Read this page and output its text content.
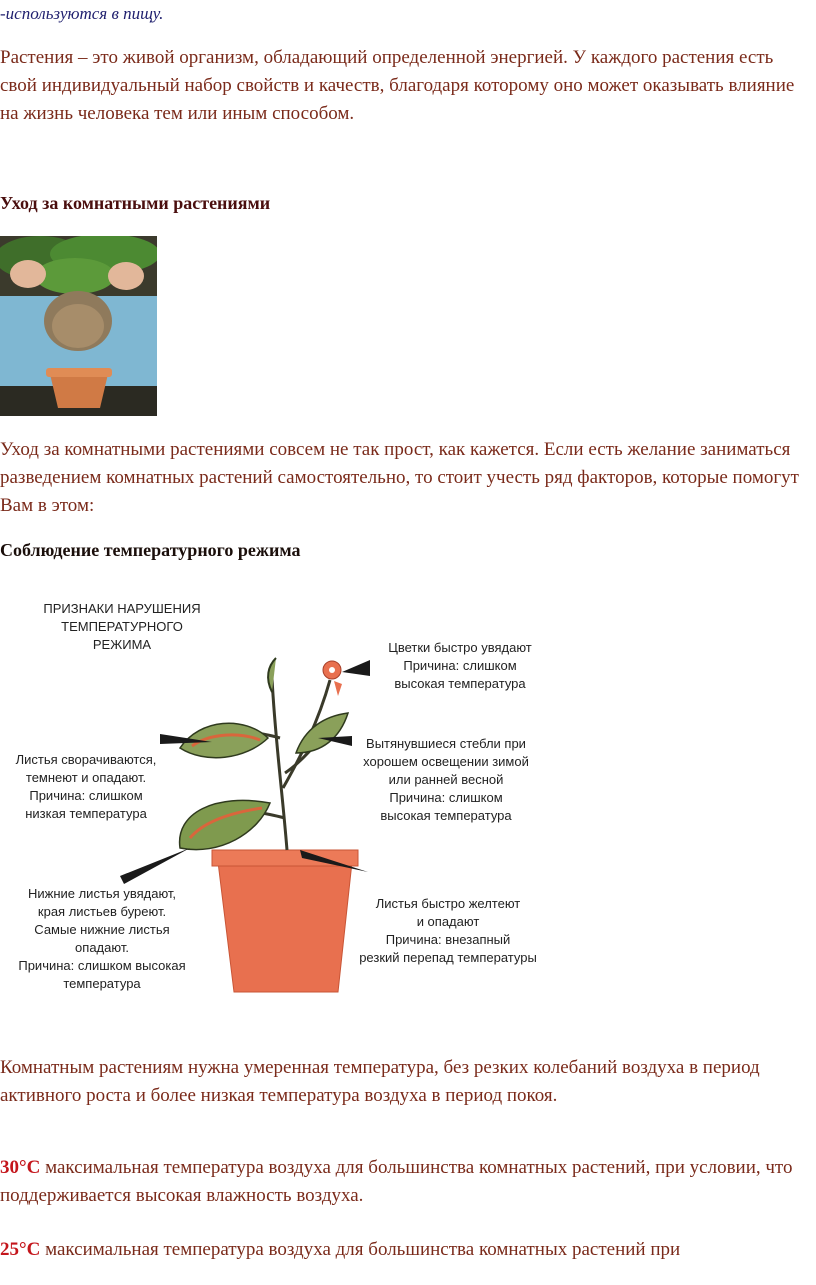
-используются в пищу.

Растения – это живой организм, обладающий определенной энергией. У каждого растения есть свой индивидуальный набор свойств и качеств, благодаря которому оно может оказывать влияние на жизнь человека тем или иным способом.

Уход за комнатными растениями

Уход за комнатными растениями совсем не так прост, как кажется. Если есть желание заниматься разведением комнатных растений самостоятельно, то стоит учесть ряд факторов, которые помогут Вам в этом:

Соблюдение температурного режима

ПРИЗНАКИ НАРУШЕНИЯ
ТЕМПЕРАТУРНОГО
РЕЖИМА	Цветки быстро увядают
Причина: слишком
высокая температура
Листья сворачиваются,
темнеют и опадают.
Причина: слишком
низкая температура
Вытянувшиеся стебли при
хорошем освещении зимой
или ранней весной
Причина: слишком
высокая температура
Нижние листья увядают,
края листьев буреют.
Самые нижние листья
опадают.
Причина: слишком высокая
температура
Листья быстро желтеют
и опадают
Причина: внезапный
резкий перепад температуры

Комнатным растениям нужна умеренная температура, без резких колебаний воздуха в период активного роста и более низкая температура воздуха в период покоя.

30°С максимальная температура воздуха для большинства комнатных растений, при условии, что поддерживается высокая влажность воздуха.

25°С максимальная температура воздуха для большинства комнатных растений при
